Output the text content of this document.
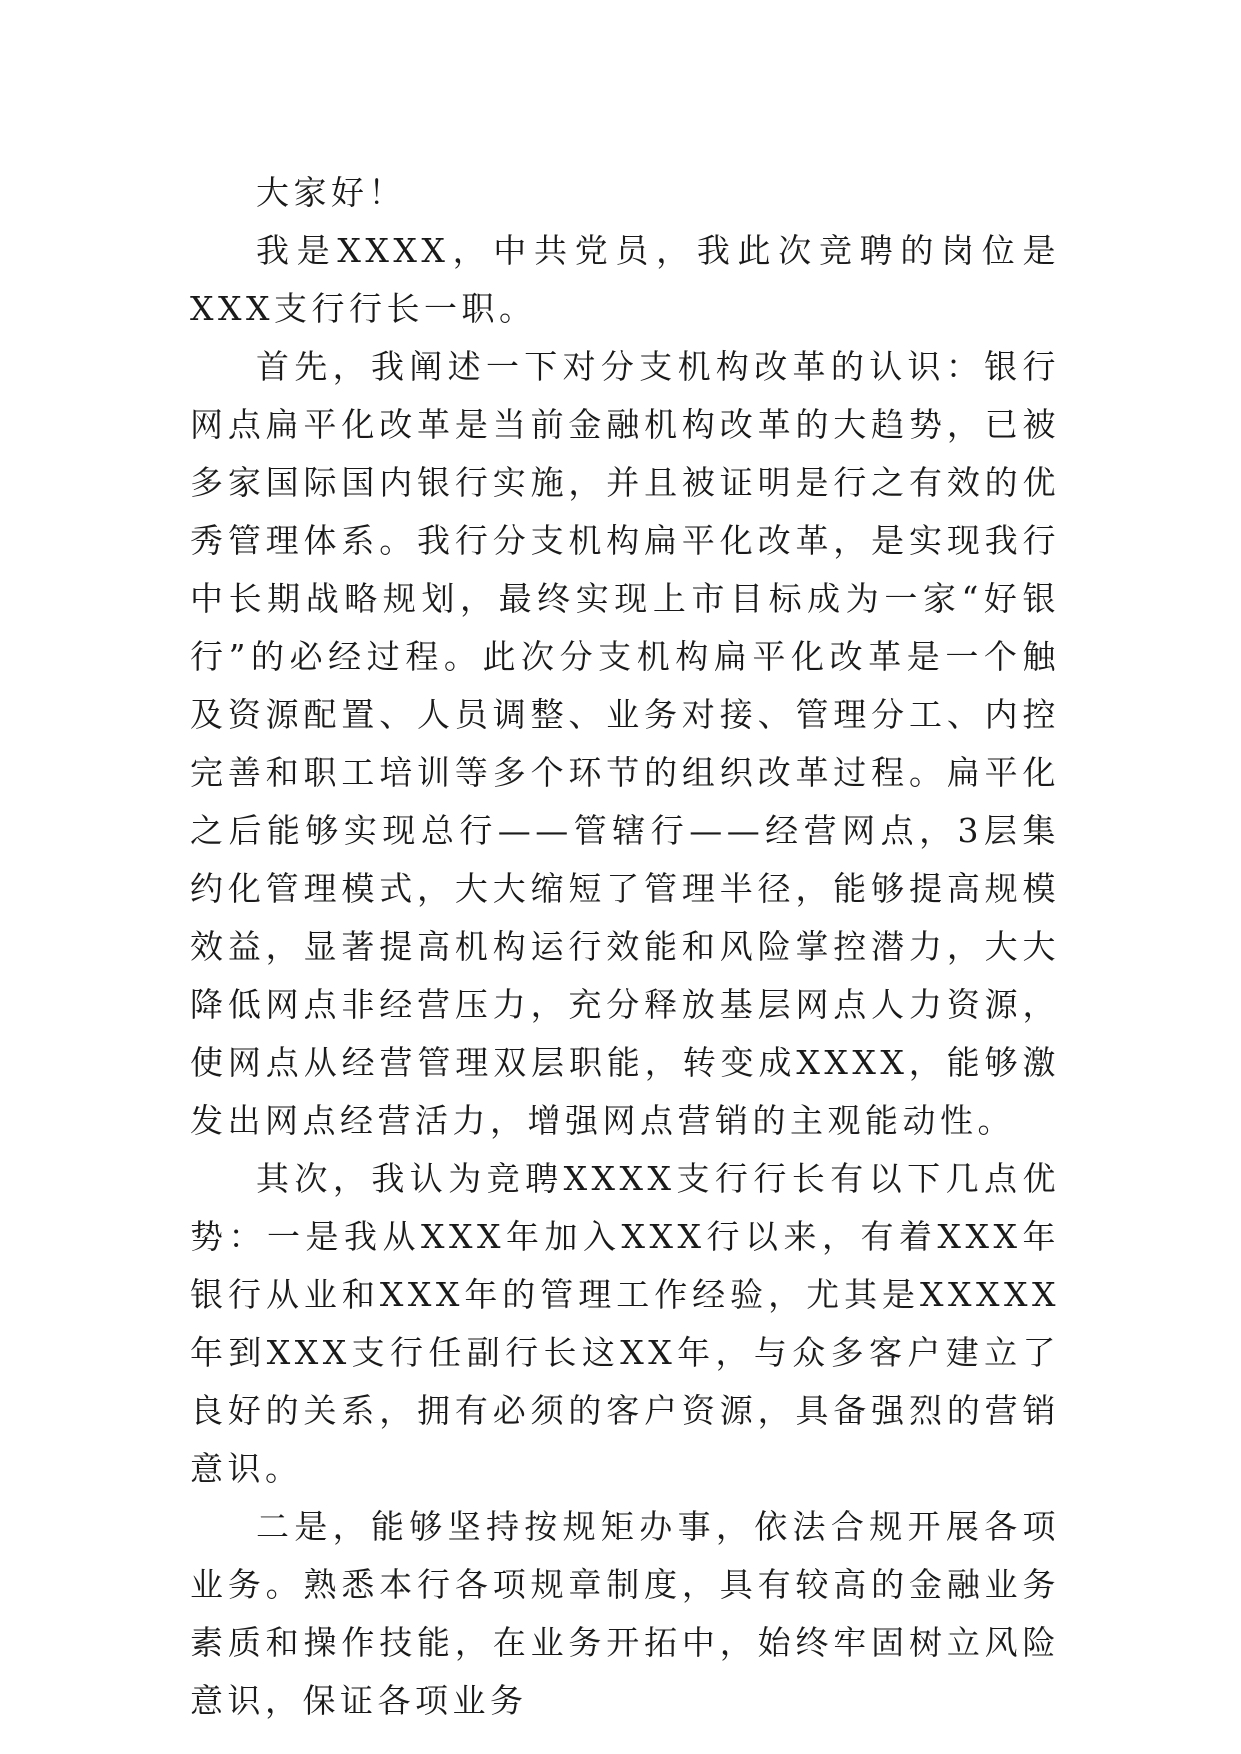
大家好！

我是XXXX，中共党员，我此次竞聘的岗位是XXX支行行长一职。

首先，我阐述一下对分支机构改革的认识：银行网点扁平化改革是当前金融机构改革的大趋势，已被多家国际国内银行实施，并且被证明是行之有效的优秀管理体系。我行分支机构扁平化改革，是实现我行中长期战略规划，最终实现上市目标成为一家“好银行”的必经过程。此次分支机构扁平化改革是一个触及资源配置、人员调整、业务对接、管理分工、内控完善和职工培训等多个环节的组织改革过程。扁平化之后能够实现总行——管辖行——经营网点，3层集约化管理模式，大大缩短了管理半径，能够提高规模效益，显著提高机构运行效能和风险掌控潜力，大大降低网点非经营压力，充分释放基层网点人力资源，使网点从经营管理双层职能，转变成XXXX，能够激发出网点经营活力，增强网点营销的主观能动性。

其次，我认为竞聘XXXX支行行长有以下几点优势：一是我从XXX年加入XXX行以来，有着XXX年银行从业和XXX年的管理工作经验，尤其是XXXXX年到XXX支行任副行长这XX年，与众多客户建立了良好的关系，拥有必须的客户资源，具备强烈的营销意识。

二是，能够坚持按规矩办事，依法合规开展各项业务。熟悉本行各项规章制度，具有较高的金融业务素质和操作技能，在业务开拓中，始终牢固树立风险意识，保证各项业务
